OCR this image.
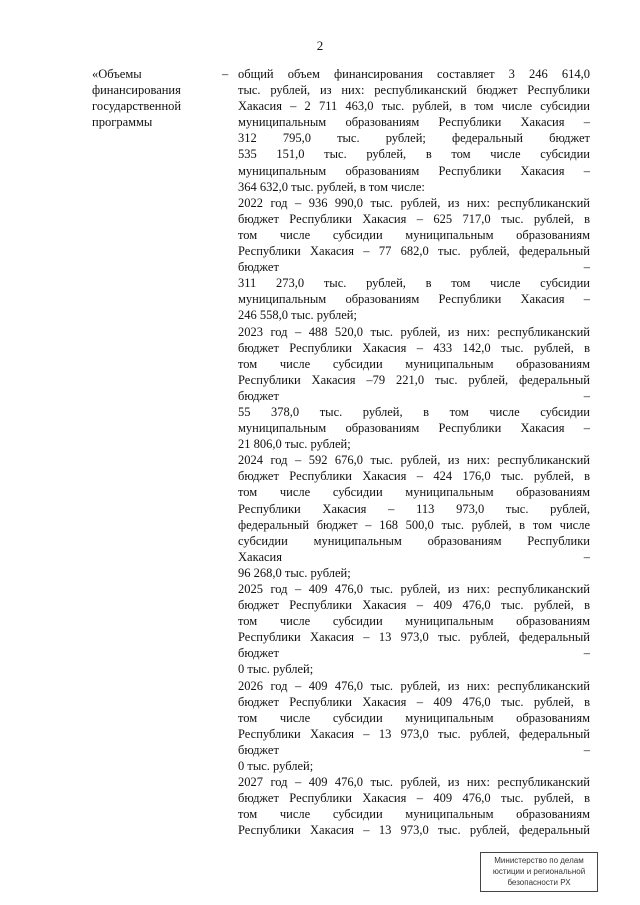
2
«Объемы
финансирования
государственной
программы
– общий объем финансирования составляет 3 246 614,0
тыс. рублей, из них: республиканский бюджет Республики
Хакасия – 2 711 463,0 тыс. рублей, в том числе субсидии
муниципальным образованиям Республики Хакасия –
312 795,0 тыс. рублей; федеральный бюджет
535 151,0 тыс. рублей, в том числе субсидии
муниципальным образованиям Республики Хакасия –
364 632,0 тыс. рублей, в том числе:
2022 год – 936 990,0 тыс. рублей, из них: республиканский
бюджет Республики Хакасия – 625 717,0 тыс. рублей, в
том числе субсидии муниципальным образованиям
Республики Хакасия – 77 682,0 тыс. рублей, федеральный
бюджет –
311 273,0 тыс. рублей, в том числе субсидии
муниципальным образованиям Республики Хакасия –
246 558,0 тыс. рублей;
2023 год – 488 520,0 тыс. рублей, из них: республиканский
бюджет Республики Хакасия – 433 142,0 тыс. рублей, в
том числе субсидии муниципальным образованиям
Республики Хакасия –79 221,0 тыс. рублей, федеральный
бюджет –
55 378,0 тыс. рублей, в том числе субсидии
муниципальным образованиям Республики Хакасия –
21 806,0 тыс. рублей;
2024 год – 592 676,0 тыс. рублей, из них: республиканский
бюджет Республики Хакасия – 424 176,0 тыс. рублей, в
том числе субсидии муниципальным образованиям
Республики Хакасия – 113 973,0 тыс. рублей,
федеральный бюджет – 168 500,0 тыс. рублей, в том числе
субсидии муниципальным образованиям Республики
Хакасия –
96 268,0 тыс. рублей;
2025 год – 409 476,0 тыс. рублей, из них: республиканский
бюджет Республики Хакасия – 409 476,0 тыс. рублей, в
том числе субсидии муниципальным образованиям
Республики Хакасия – 13 973,0 тыс. рублей, федеральный
бюджет –
0 тыс. рублей;
2026 год – 409 476,0 тыс. рублей, из них: республиканский
бюджет Республики Хакасия – 409 476,0 тыс. рублей, в
том числе субсидии муниципальным образованиям
Республики Хакасия – 13 973,0 тыс. рублей, федеральный
бюджет –
0 тыс. рублей;
2027 год – 409 476,0 тыс. рублей, из них: республиканский
бюджет Республики Хакасия – 409 476,0 тыс. рублей, в
том числе субсидии муниципальным образованиям
Республики Хакасия – 13 973,0 тыс. рублей, федеральный
Министерство по делам
юстиции и региональной
безопасности РХ
